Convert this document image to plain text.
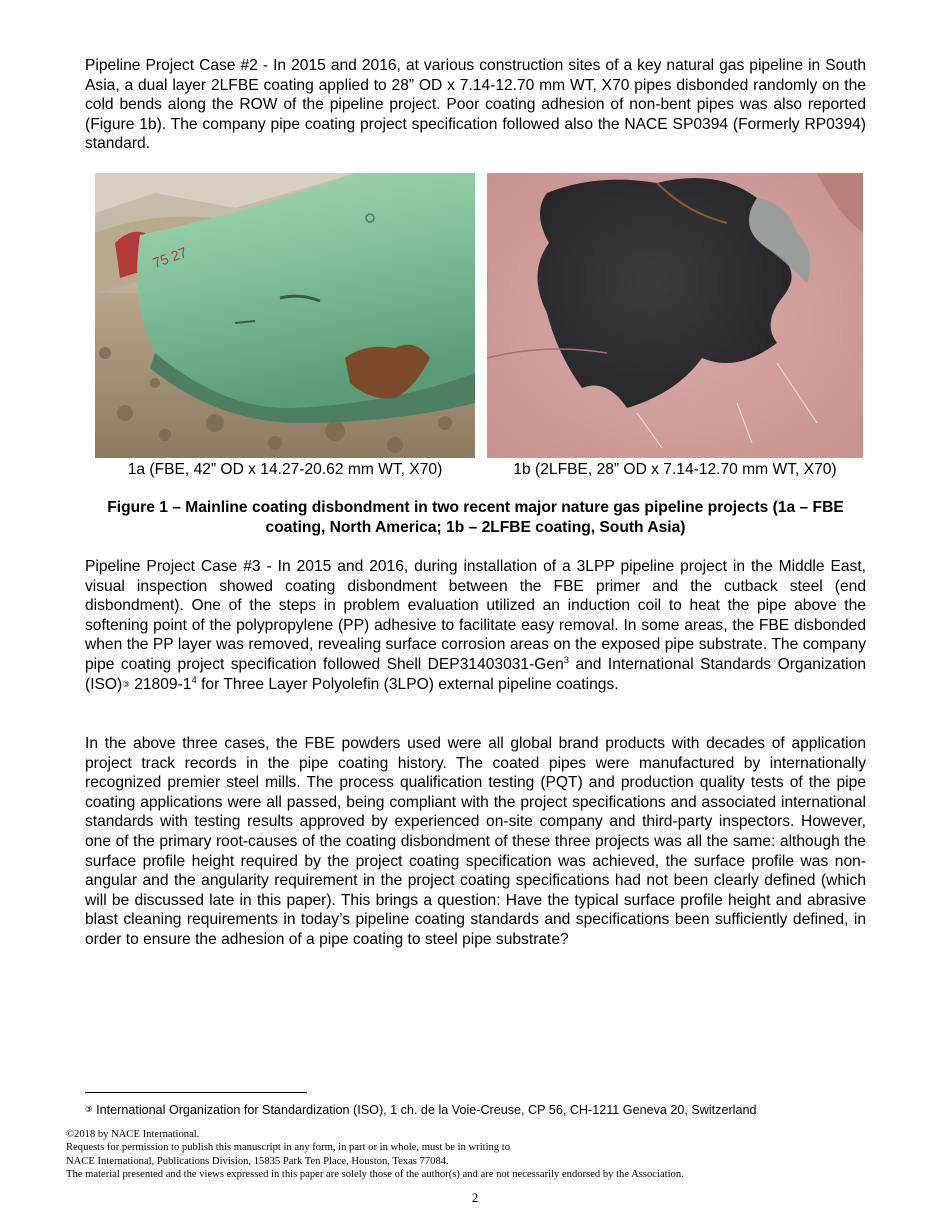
Pipeline Project Case #2 - In 2015 and 2016, at various construction sites of a key natural gas pipeline in South Asia, a dual layer 2LFBE coating applied to 28” OD x 7.14-12.70 mm WT, X70 pipes disbonded randomly on the cold bends along the ROW of the pipeline project. Poor coating adhesion of non-bent pipes was also reported (Figure 1b). The company pipe coating project specification followed also the NACE SP0394 (Formerly RP0394) standard.

75 27

1a (FBE, 42” OD x 14.27-20.62 mm WT, X70)	1b (2LFBE, 28” OD x 7.14-12.70 mm WT, X70)

Figure 1 – Mainline coating disbondment in two recent major nature gas pipeline projects (1a – FBE coating, North America; 1b – 2LFBE coating, South Asia)

Pipeline Project Case #3 - In 2015 and 2016, during installation of a 3LPP pipeline project in the Middle East, visual inspection showed coating disbondment between the FBE primer and the cutback steel (end disbondment). One of the steps in problem evaluation utilized an induction coil to heat the pipe above the softening point of the polypropylene (PP) adhesive to facilitate easy removal. In some areas, the FBE disbonded when the PP layer was removed, revealing surface corrosion areas on the exposed pipe substrate. The company pipe coating project specification followed Shell DEP31403031-Gen$^3$ and International Standards Organization (ISO)③ $21809-1^4$ for Three Layer Polyolefin (3LPO) external pipeline coatings.

In the above three cases, the FBE powders used were all global brand products with decades of application project track records in the pipe coating history. The coated pipes were manufactured by internationally recognized premier steel mills. The process qualification testing (PQT) and production quality tests of the pipe coating applications were all passed, being compliant with the project specifications and associated international standards with testing results approved by experienced on-site company and third-party inspectors. However, one of the primary root-causes of the coating disbondment of these three projects was all the same: although the surface profile height required by the project coating specification was achieved, the surface profile was non-angular and the angularity requirement in the project coating specifications had not been clearly defined (which will be discussed late in this paper). This brings a question: Have the typical surface profile height and abrasive blast cleaning requirements in today’s pipeline coating standards and specifications been sufficiently defined, in order to ensure the adhesion of a pipe coating to steel pipe substrate?

③ International Organization for Standardization (ISO), 1 ch. de la Voie-Creuse, CP 56, CH-1211 Geneva 20, Switzerland

©2018 by NACE International.
Requests for permission to publish this manuscript in any form, in part or in whole, must be in writing to
NACE International, Publications Division, 15835 Park Ten Place, Houston, Texas 77084.
The material presented and the views expressed in this paper are solely those of the author(s) and are not necessarily endorsed by the Association.

2
